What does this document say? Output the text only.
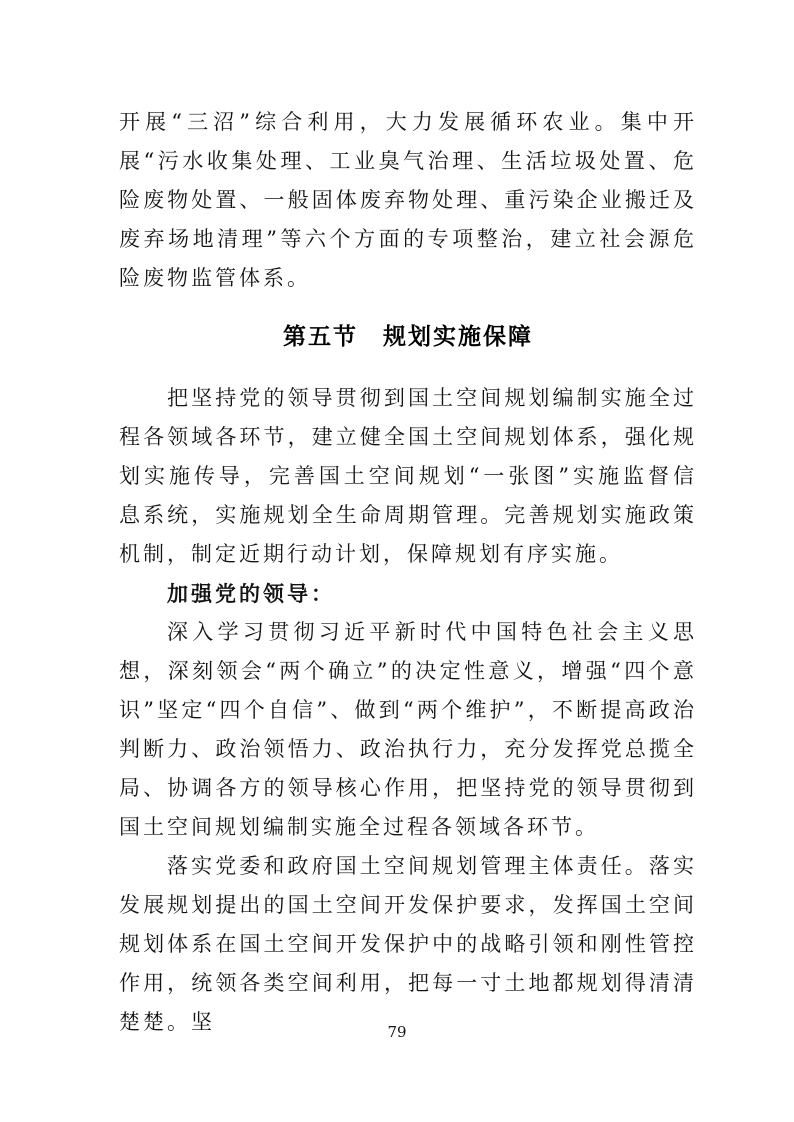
开展“三沼”综合利用，大力发展循环农业。集中开展“污水收集处理、工业臭气治理、生活垃圾处置、危险废物处置、一般固体废弃物处理、重污染企业搬迁及废弃场地清理”等六个方面的专项整治，建立社会源危险废物监管体系。

第五节　规划实施保障

把坚持党的领导贯彻到国土空间规划编制实施全过程各领域各环节，建立健全国土空间规划体系，强化规划实施传导，完善国土空间规划“一张图”实施监督信息系统，实施规划全生命周期管理。完善规划实施政策机制，制定近期行动计划，保障规划有序实施。

加强党的领导：

深入学习贯彻习近平新时代中国特色社会主义思想，深刻领会“两个确立”的决定性意义，增强“四个意识”坚定“四个自信”、做到“两个维护”，不断提高政治判断力、政治领悟力、政治执行力，充分发挥党总揽全局、协调各方的领导核心作用，把坚持党的领导贯彻到国土空间规划编制实施全过程各领域各环节。

落实党委和政府国土空间规划管理主体责任。落实发展规划提出的国土空间开发保护要求，发挥国土空间规划体系在国土空间开发保护中的战略引领和刚性管控作用，统领各类空间利用，把每一寸土地都规划得清清楚楚。坚	79
